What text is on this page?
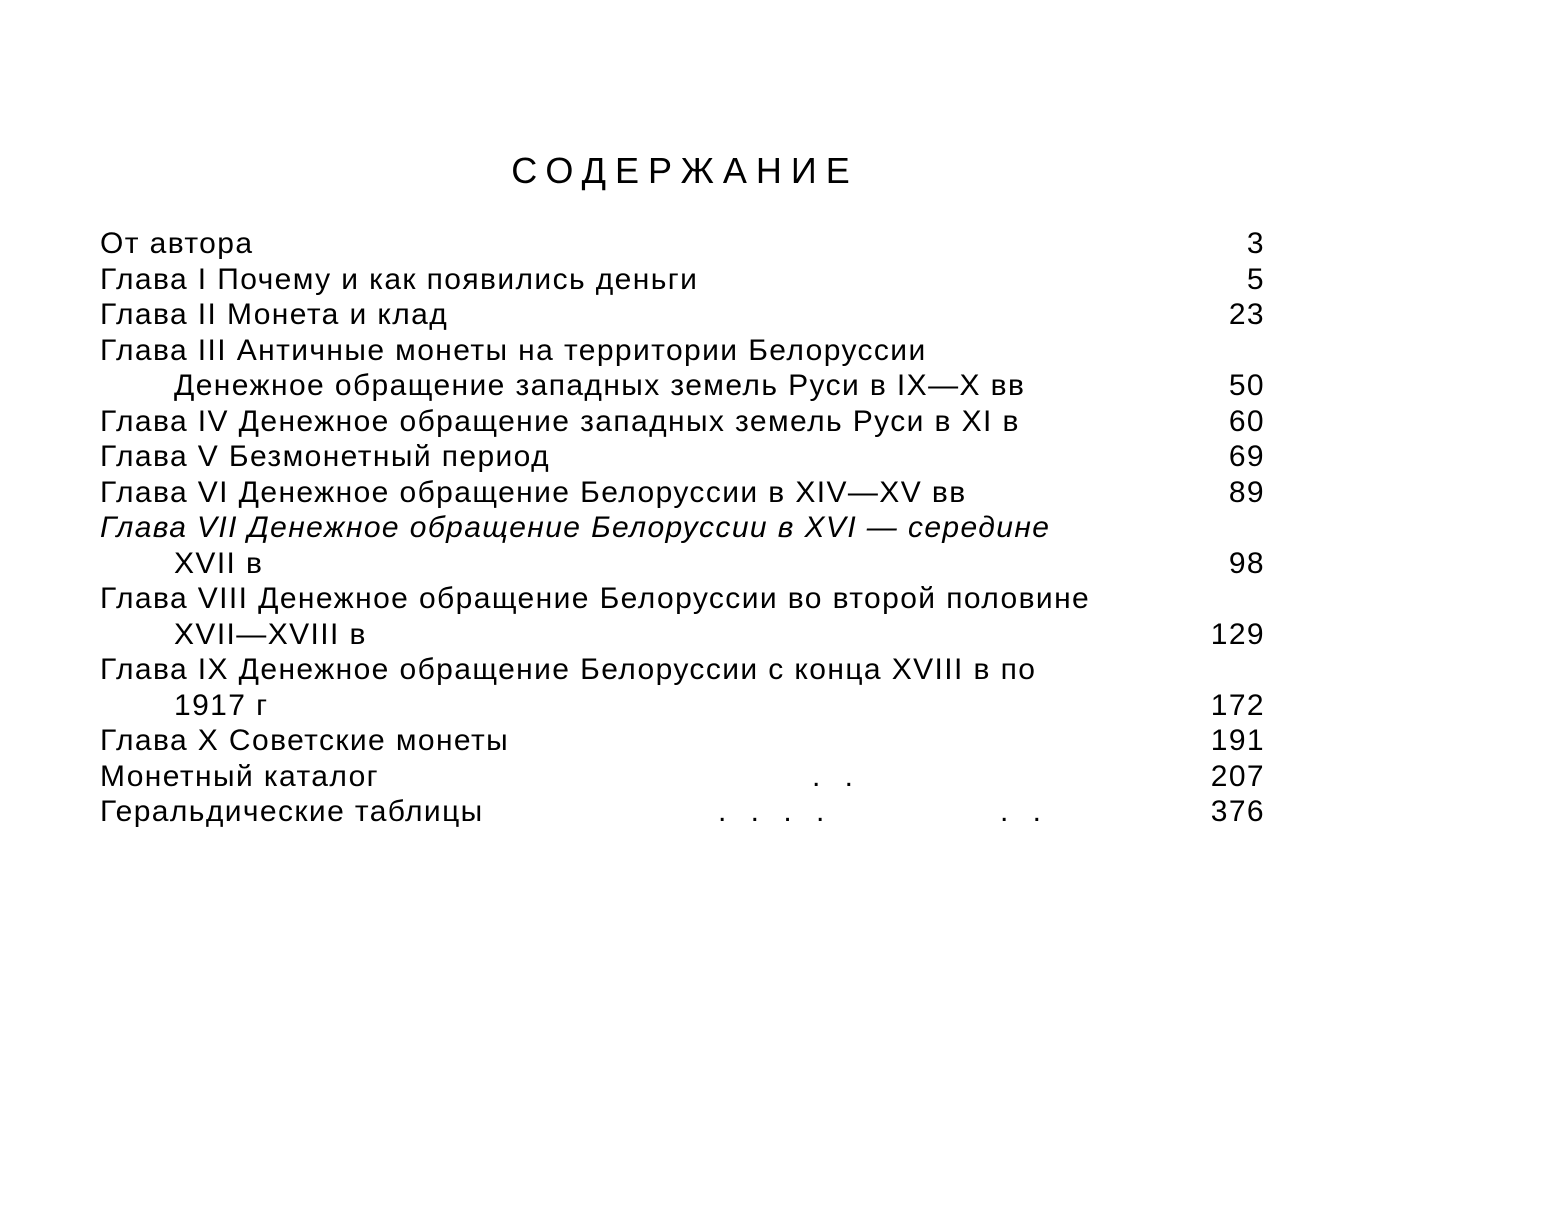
СОДЕРЖАНИЕ
От автора	3
Глава I Почему и как появились деньги	5
Глава II Монета и клад	23
Глава III Античные монеты на территории Белоруссии
Денежное обращение западных земель Руси в IX—X вв	50
Глава IV Денежное обращение западных земель Руси в XI в	60
Глава V Безмонетный период	69
Глава VI Денежное обращение Белоруссии в XIV—XV вв	89
Глава VII Денежное обращение Белоруссии в XVI — середине
XVII в	98
Глава VIII Денежное обращение Белоруссии во второй половине
XVII—XVIII в	129
Глава IX Денежное обращение Белоруссии с конца XVIII в по
1917 г	172
Глава X Советские монеты	191
Монетный каталог	. .	207
Геральдические таблицы	. . . .	. .	376
